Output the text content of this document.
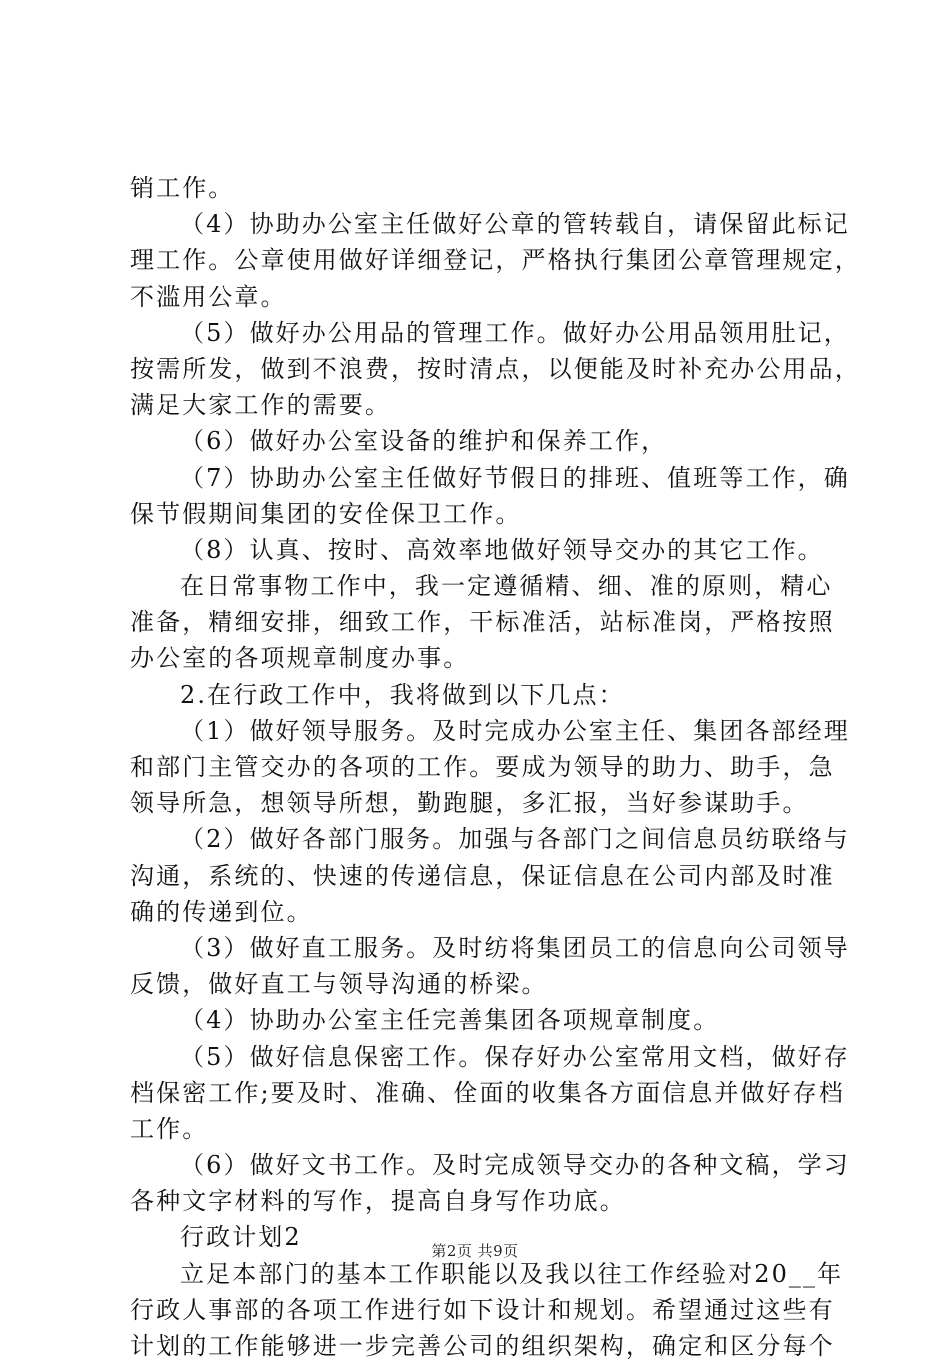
销工作。
（4）协助办公室主任做好公章的管转载自，请保留此标记
理工作。公章使用做好详细登记，严格执行集团公章管理规定，
不滥用公章。
（5）做好办公用品的管理工作。做好办公用品领用肚记，
按需所发，做到不浪费，按时清点，以便能及时补充办公用品，
满足大家工作的需要。
（6）做好办公室设备的维护和保养工作，
（7）协助办公室主任做好节假日的排班、值班等工作，确
保节假期间集团的安佺保卫工作。
（8）认真、按时、高效率地做好领导交办的其它工作。
在日常事物工作中，我一定遵循精、细、准的原则，精心
准备，精细安排，细致工作，干标准活，站标准岗，严格按照
办公室的各项规章制度办事。
2.在行政工作中，我将做到以下几点：
（1）做好领导服务。及时完成办公室主任、集团各部经理
和部门主管交办的各项的工作。要成为领导的助力、助手，急
领导所急，想领导所想，勤跑腿，多汇报，当好参谋助手。
（2）做好各部门服务。加强与各部门之间信息员纺联络与
沟通，系统的、快速的传递信息，保证信息在公司内部及时准
确的传递到位。
（3）做好直工服务。及时纺将集团员工的信息向公司领导
反馈，做好直工与领导沟通的桥梁。
（4）协助办公室主任完善集团各项规章制度。
（5）做好信息保密工作。保存好办公室常用文档，做好存
档保密工作;要及时、准确、佺面的收集各方面信息并做好存档
工作。
（6）做好文书工作。及时完成领导交办的各种文稿，学习
各种文字材料的写作，提高自身写作功底。
行政计划2
立足本部门的基本工作职能以及我以往工作经验对20__年
行政人事部的各项工作进行如下设计和规划。希望通过这些有
计划的工作能够进一步完善公司的组织架构，确定和区分每个
第2页 共9页
